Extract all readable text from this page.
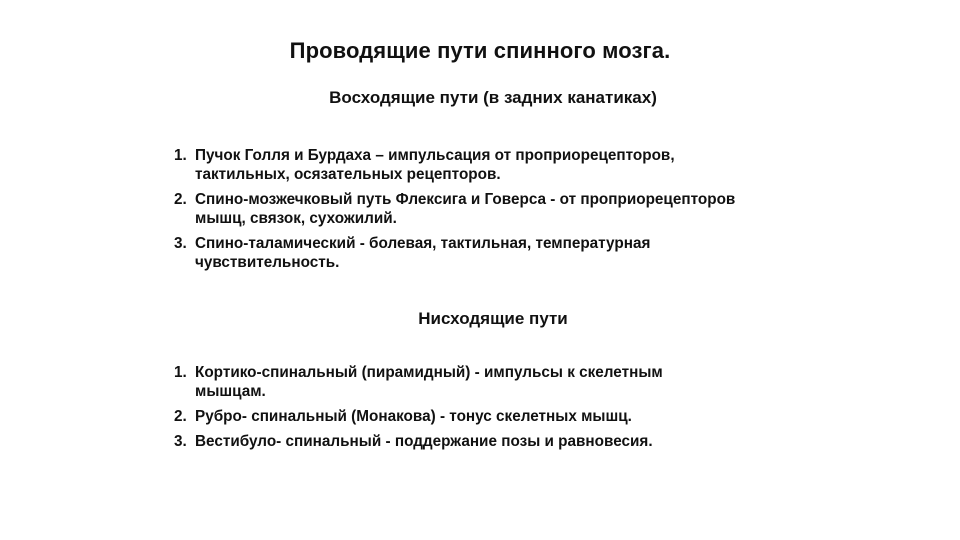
Проводящие пути спинного мозга.
Восходящие пути (в задних канатиках)
1. Пучок Голля и Бурдаха – импульсация от проприорецепторов,
тактильных, осязательных рецепторов.
2. Спино-мозжечковый путь Флексига и Говерса - от проприорецепторов
мышц, связок, сухожилий.
3. Спино-таламический - болевая, тактильная, температурная
чувствительность.
Нисходящие пути
1. Кортико-спинальный (пирамидный) - импульсы к скелетным
мышцам.
2. Рубро- спинальный (Монакова) - тонус скелетных мышц.
3. Вестибуло- спинальный - поддержание позы и равновесия.
